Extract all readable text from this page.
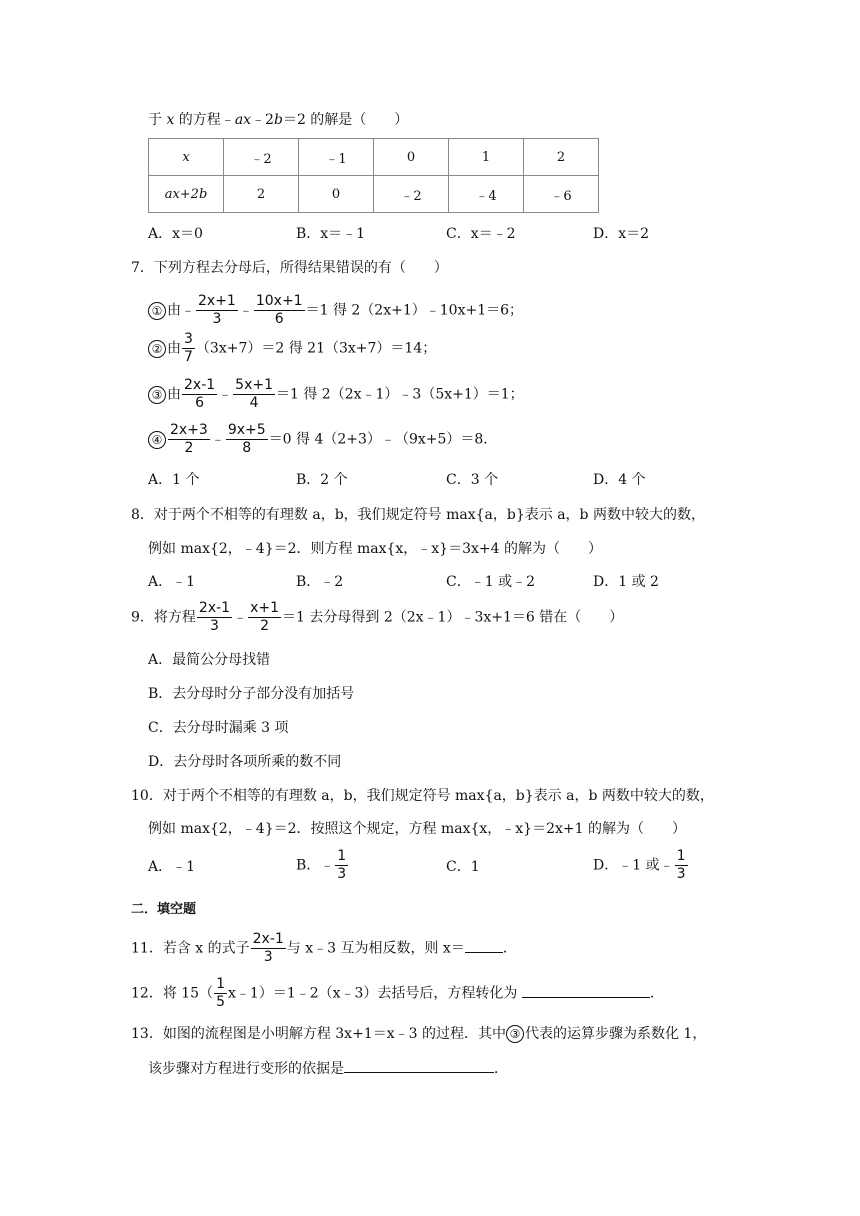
于 x 的方程﹣ax﹣2b＝2 的解是（　　）
x	﹣2	﹣1	0	1	2
ax+2b	2	0	﹣2	﹣4	﹣6
A．x＝0	B．x＝﹣1	C．x＝﹣2	D．x＝2
7．下列方程去分母后，所得结果错误的有（　　）
① 由﹣ $\frac{2x+1}{3}$ ﹣ $\frac{10x+1}{6} =1$ 得 2（2x+1）﹣10x+1＝6；
② 由 $\frac{3}{7} (3x+7)=2$ 得 21（3x+7）＝14；
③ 由 $\frac{2x-1}{6}$ ﹣ $\frac{5x+1}{4} =1$ 得 2（2x﹣1）﹣3（5x+1）＝1；
④ $\frac{2x+3}{2}$ ﹣ $\frac{9x+5}{8} =0$ 得 4（2+3）﹣（9x+5）＝8．
A．1 个	B．2 个	C．3 个	D．4 个
8．对于两个不相等的有理数 a，b，我们规定符号 max{a，b}表示 a，b 两数中较大的数，
例如 max{2，﹣4}＝2．则方程 max{x，﹣x}＝3x+4 的解为（　　）
A．﹣1	B．﹣2	C．﹣1 或﹣2	D．1 或 2
9．将方程 $\frac{2x-1}{3}$ ﹣ $\frac{x+1}{2} =1$ 去分母得到 2（2x﹣1）﹣3x+1＝6 错在（　　）
A．最简公分母找错
B．去分母时分子部分没有加括号
C．去分母时漏乘 3 项
D．去分母时各项所乘的数不同
10．对于两个不相等的有理数 a，b，我们规定符号 max{a，b}表示 a，b 两数中较大的数，
例如 max{2，﹣4}＝2．按照这个规定，方程 max{x，﹣x}＝2x+1 的解为（　　）
A．﹣1	B．﹣ $\frac{1}{3}$	C．1	D．﹣1 或﹣ $\frac{1}{3}$
二．填空题
11．若含 x 的式子 $\frac{2x-1}{3}$ 与 x﹣3 互为相反数，则 x＝	．
12．将 $15( \frac{1}{5}$ x﹣1）＝1﹣2（x﹣3）去括号后，方程转化为	．
13．如图的流程图是小明解方程 3x+1＝x﹣3 的过程．其中 ③ 代表的运算步骤为系数化 1，
该步骤对方程进行变形的依据是	．
